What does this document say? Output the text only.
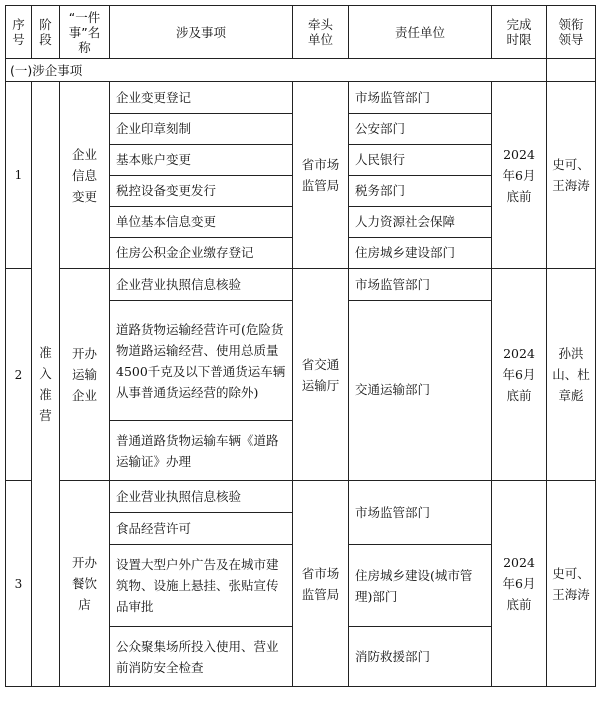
序号	阶段	“一件事”名称	涉及事项	牵头单位	责任单位	完成时限	领衔领导
(一)涉企事项							
1	准入准营	企业信息变更	企业变更登记	省市场监管局	市场监管部门	2024年6月底前	史可、王海涛
			企业印章刻制		公安部门		
			基本账户变更		人民银行		
			税控设备变更发行		税务部门		
			单位基本信息变更		人力资源社会保障		
			住房公积金企业缴存登记		住房城乡建设部门		
2		开办运输企业	企业营业执照信息核验	省交通运输厅	市场监管部门	2024年6月底前	孙洪山、杜章彪
			道路货物运输经营许可(危险货物道路运输经营、使用总质量4500千克及以下普通货运车辆从事普通货运经营的除外)		交通运输部门		
			普通道路货物运输车辆《道路运输证》办理				
3		开办餐饮店	企业营业执照信息核验	省市场监管局	市场监管部门	2024年6月底前	史可、王海涛
			食品经营许可				
			设置大型户外广告及在城市建筑物、设施上悬挂、张贴宣传品审批		住房城乡建设(城市管理)部门		
			公众聚集场所投入使用、营业前消防安全检查		消防救援部门		
